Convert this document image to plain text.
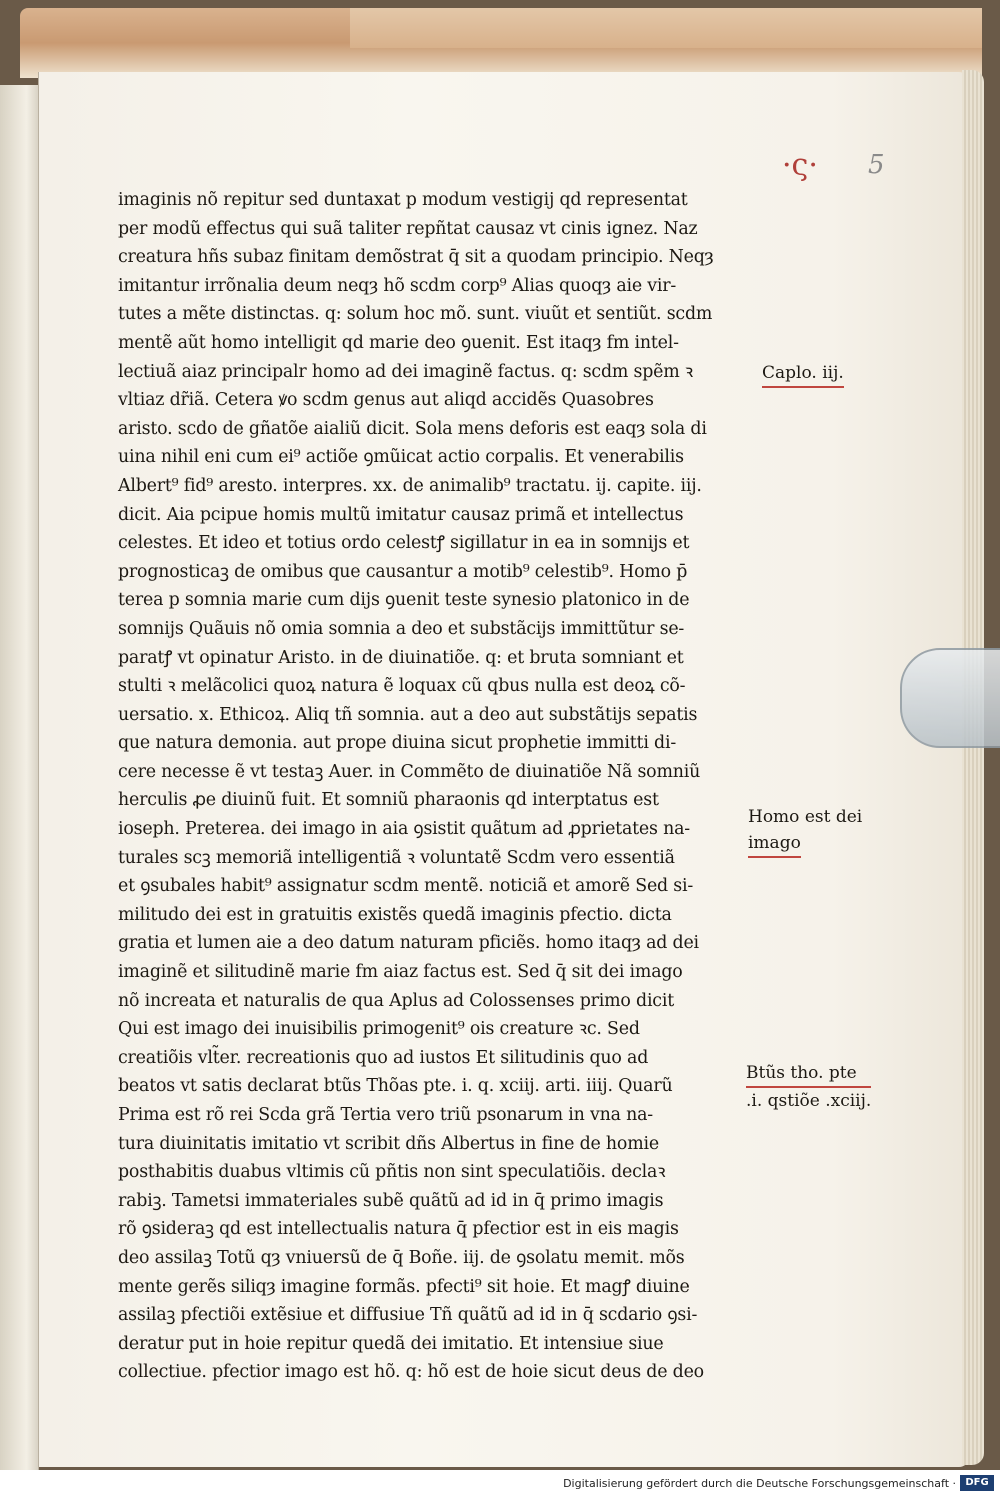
·ς· 5
imaginis nõ repitur sed duntaxat p modum vestigij qd representat
per modũ effectus qui suã taliter repñtat causaz vt cinis ignez. Naz
creatura hñs subaz finitam demõstrat q̄ sit a quodam principio. Neqȝ
imitantur irrõnalia deum neqȝ hõ scdm corp⁹ Alias quoqȝ aie vir-
tutes a mẽte distinctas. q: solum hoc mõ. sunt. viuũt et sentiũt. scdm
mentẽ aũt homo intelligit qd marie deo ꝯuenit. Est itaqȝ fm intel-
lectiuã aiaz principalr homo ad dei imaginẽ factus. q: scdm spẽm ꝛ
vltiaz dr̃iã. Cetera ꝟo scdm genus aut aliqd accidẽs Quasobres
aristo. scdo de gñatõe aialiũ dicit. Sola mens deforis est eaqȝ sola di
uina nihil eni cum ei⁹ actiõe ꝯmũicat actio corpalis. Et venerabilis
Albert⁹ fid⁹ aresto. interpres. xx. de animalib⁹ tractatu. ij. capite. iij.
dicit. Aia pcipue homis multũ imitatur causaz primã et intellectus
celestes. Et ideo et totius ordo celestꝭ sigillatur in ea in somnijs et
prognosticaꝫ de omibus que causantur a motib⁹ celestib⁹. Homo p̄
terea p somnia marie cum dijs ꝯuenit teste synesio platonico in de
somnijs Quãuis nõ omia somnia a deo et substãcijs immittũtur se-
paratꝭ vt opinatur Aristo. in de diuinatiõe. q: et bruta somniant et
stulti ꝛ melãcolici quoꝝ natura ẽ loquax cũ qbus nulla est deoꝝ cõ-
uersatio. x. Ethicoꝝ. Aliq tñ somnia. aut a deo aut substãtijs sepatis
que natura demonia. aut prope diuina sicut prophetie immitti di-
cere necesse ẽ vt testaꝫ Auer. in Commẽto de diuinatiõe Nã somniũ
herculis ꝓe diuinũ fuit. Et somniũ pharaonis qd interptatus est
ioseph. Preterea. dei imago in aia ꝯsistit quãtum ad ꝓprietates na-
turales scꝫ memoriã intelligentiã ꝛ voluntatẽ Scdm vero essentiã
et ꝯsubales habit⁹ assignatur scdm mentẽ. noticiã et amorẽ Sed si-
militudo dei est in gratuitis existẽs quedã imaginis pfectio. dicta
gratia et lumen aie a deo datum naturam pficiẽs. homo itaqȝ ad dei
imaginẽ et silitudinẽ marie fm aiaz factus est. Sed q̄ sit dei imago
nõ increata et naturalis de qua Aplus ad Colossenses primo dicit
Qui est imago dei inuisibilis primogenit⁹ ois creature ꝛc. Sed
creatiõis vlt̃er. recreationis quo ad iustos Et silitudinis quo ad
beatos vt satis declarat btũs Thõas pte. i. q. xciij. arti. iiij. Quarũ
Prima est rõ rei Scda grã Tertia vero triũ psonarum in vna na-
tura diuinitatis imitatio vt scribit dñs Albertus in fine de homie
posthabitis duabus vltimis cũ pñtis non sint speculatiõis. declaꝛ
rabiꝫ. Tametsi immateriales subẽ quãtũ ad id in q̄ primo imagis
rõ ꝯsideraꝫ qd est intellectualis natura q̄ pfectior est in eis magis
deo assilaꝫ Totũ qȝ vniuersũ de q̄ Boñe. iij. de ꝯsolatu memit. mõs
mente gerẽs siliqȝ imagine formãs. pfecti⁹ sit hoie. Et magꝭ diuine
assilaꝫ pfectiõi extẽsiue et diffusiue Tñ quãtũ ad id in q̄ scdario ꝯsi-
deratur put in hoie repitur quedã dei imitatio. Et intensiue siue
collectiue. pfectior imago est hõ. q: hõ est de hoie sicut deus de deo
Caplo. iij.
Homo est dei
imago
Btũs tho. pte
.i. qstiõe .xciij.
Digitalisierung gefördert durch die Deutsche Forschungsgemeinschaft · DFG
